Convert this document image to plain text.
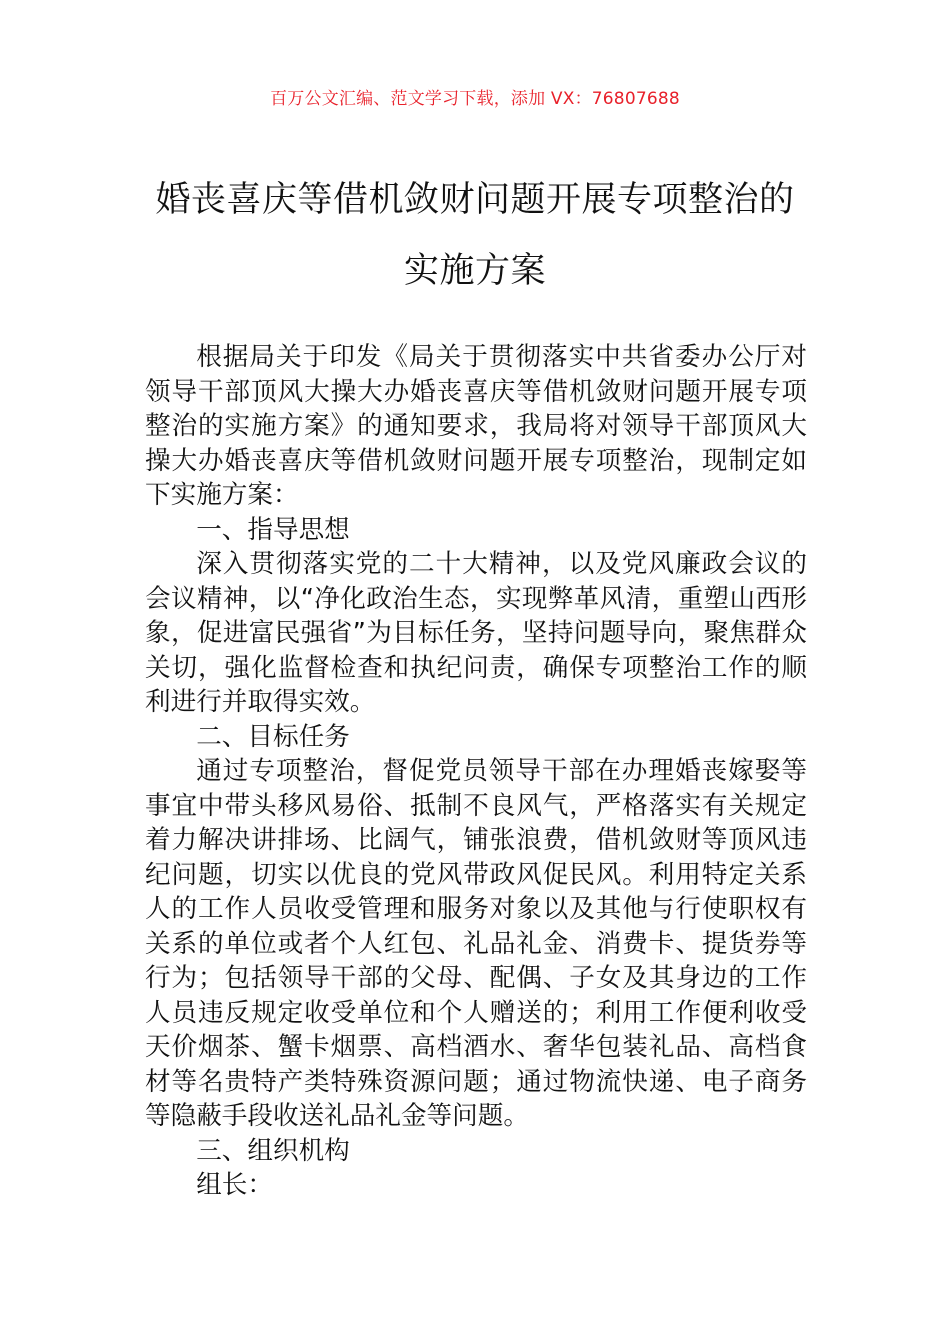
百万公文汇编、范文学习下载，添加 VX：76807688
婚丧喜庆等借机敛财问题开展专项整治的
实施方案

根据局关于印发《局关于贯彻落实中共省委办公厅对领导干部顶风大操大办婚丧喜庆等借机敛财问题开展专项整治的实施方案》的通知要求，我局将对领导干部顶风大操大办婚丧喜庆等借机敛财问题开展专项整治，现制定如下实施方案：

一、指导思想

深入贯彻落实党的二十大精神，以及党风廉政会议的会议精神，以“净化政治生态，实现弊革风清，重塑山西形象，促进富民强省”为目标任务，坚持问题导向，聚焦群众关切，强化监督检查和执纪问责，确保专项整治工作的顺利进行并取得实效。

二、目标任务

通过专项整治，督促党员领导干部在办理婚丧嫁娶等事宜中带头移风易俗、抵制不良风气，严格落实有关规定着力解决讲排场、比阔气，铺张浪费，借机敛财等顶风违纪问题，切实以优良的党风带政风促民风。利用特定关系人的工作人员收受管理和服务对象以及其他与行使职权有关系的单位或者个人红包、礼品礼金、消费卡、提货券等行为；包括领导干部的父母、配偶、子女及其身边的工作人员违反规定收受单位和个人赠送的；利用工作便利收受天价烟茶、蟹卡烟票、高档酒水、奢华包装礼品、高档食材等名贵特产类特殊资源问题；通过物流快递、电子商务等隐蔽手段收送礼品礼金等问题。

三、组织机构

组长：
